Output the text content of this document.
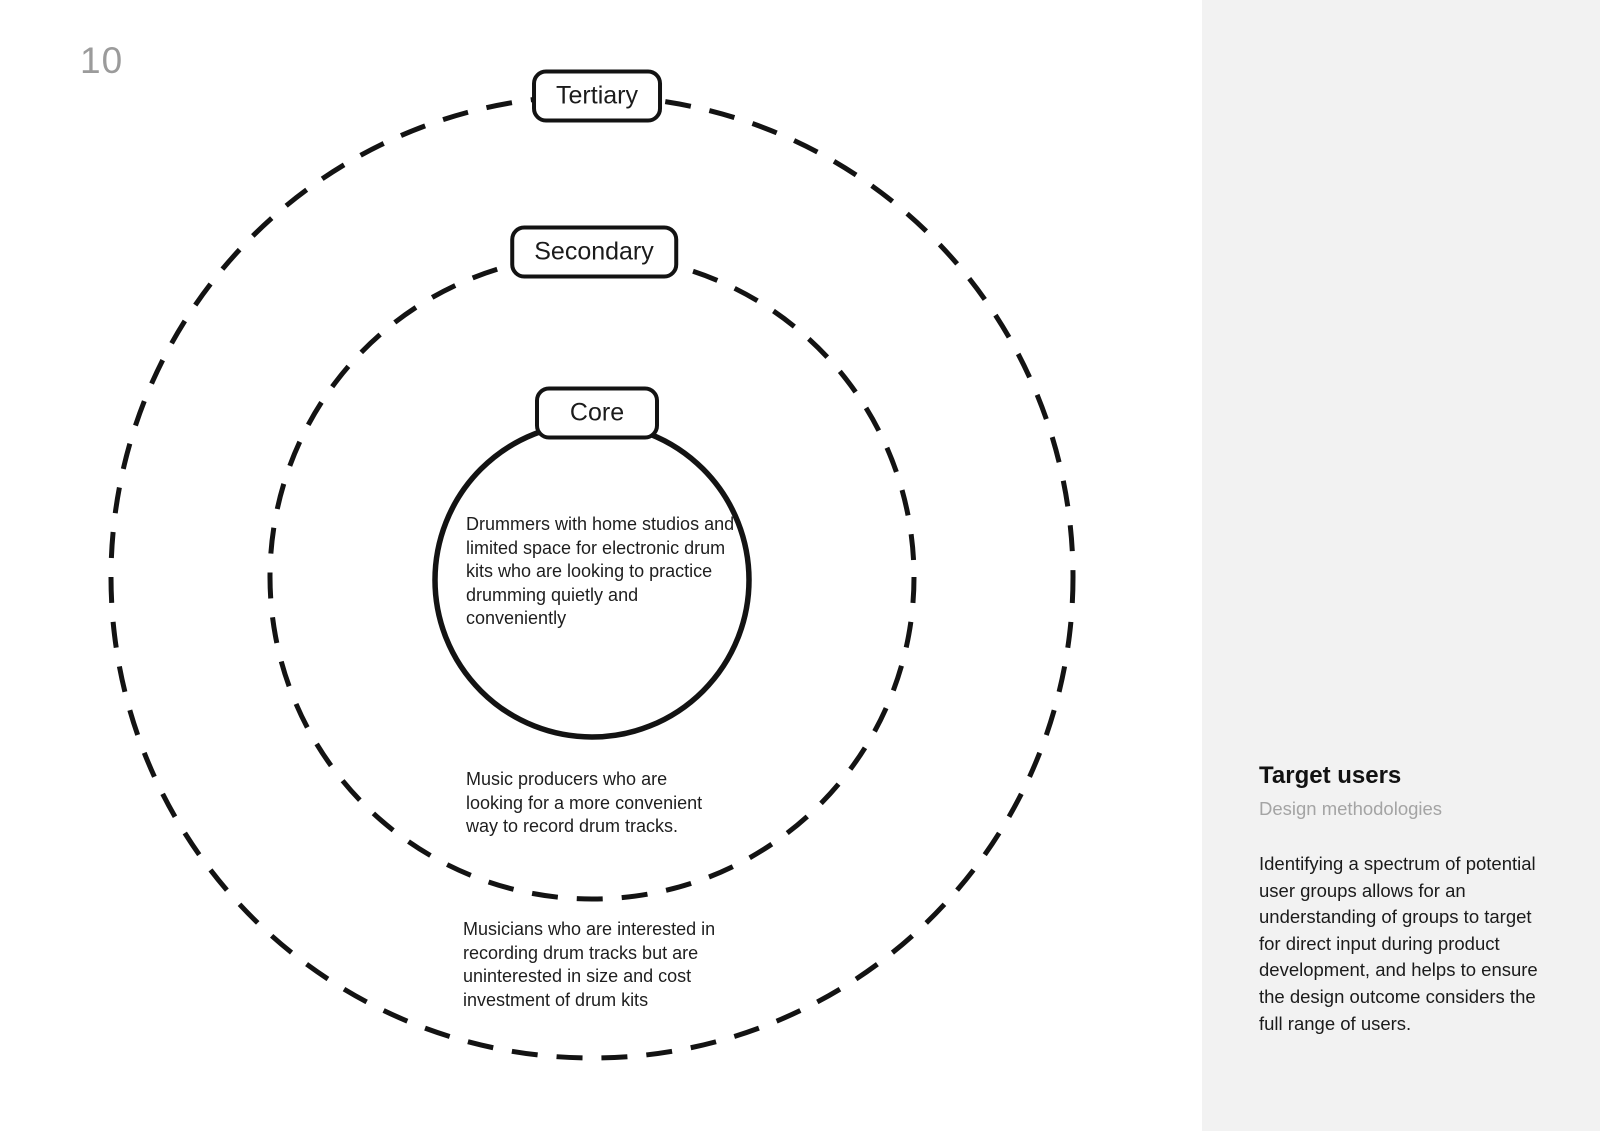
10
Tertiary
Secondary
Core
Drummers with home studios and limited space for electronic drum kits who are looking to practice drumming quietly and conveniently
Music producers who are looking for a more convenient way to record drum tracks.
Musicians who are interested in recording drum tracks but are uninterested in size and cost investment of drum kits
Target users
Design methodologies

Identifying a spectrum of potential user groups allows for an understanding of groups to target for direct input during product development, and helps to ensure the design outcome considers the full range of users.
